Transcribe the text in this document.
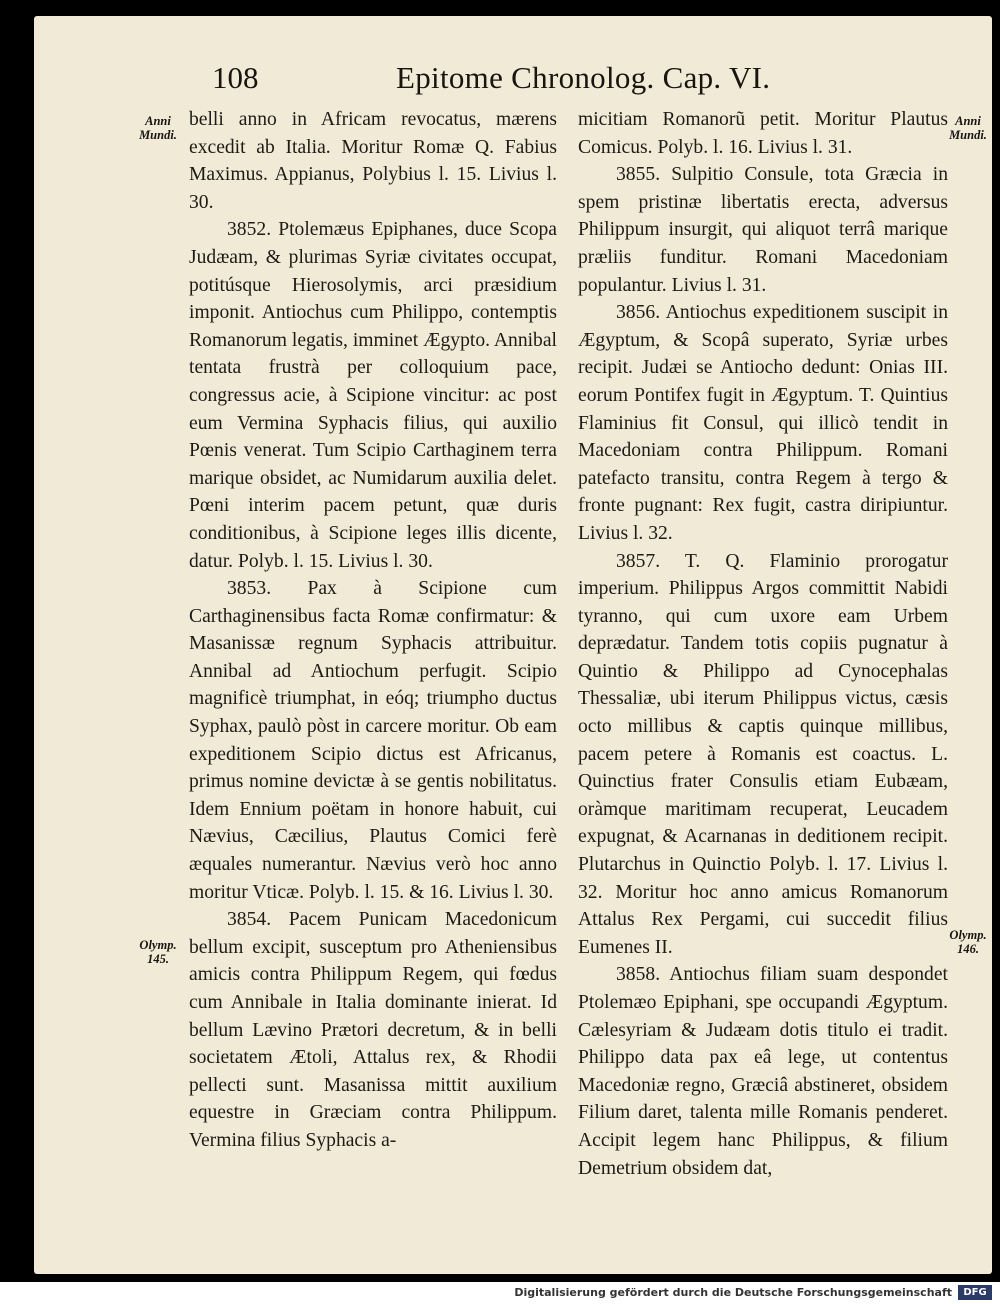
108	Epitome Chronolog. Cap. VI.
Anni Mundi.
Anni Mundi.
Olymp. 145.
Olymp. 146.

belli anno in Africam revocatus, mærens excedit ab Italia. Moritur Romæ Q. Fabius Maximus. Appianus, Polybius l. 15. Livius l. 30.

3852. Ptolemæus Epiphanes, duce Scopa Judæam, & plurimas Syriæ civitates occupat, potitúsque Hierosolymis, arci præsidium imponit. Antiochus cum Philippo, contemptis Romanorum legatis, imminet Ægypto. Annibal tentata frustrà per colloquium pace, congressus acie, à Scipione vincitur: ac post eum Vermina Syphacis filius, qui auxilio Pœnis venerat. Tum Scipio Carthaginem terra marique obsidet, ac Numidarum auxilia delet. Pœni interim pacem petunt, quæ duris conditionibus, à Scipione leges illis dicente, datur. Polyb. l. 15. Livius l. 30.

3853. Pax à Scipione cum Carthaginensibus facta Romæ confirmatur: & Masanissæ regnum Syphacis attribuitur. Annibal ad Antiochum perfugit. Scipio magnificè triumphat, in eóq; triumpho ductus Syphax, paulò pòst in carcere moritur. Ob eam expeditionem Scipio dictus est Africanus, primus nomine devictæ à se gentis nobilitatus. Idem Ennium poëtam in honore habuit, cui Nævius, Cæcilius, Plautus Comici ferè æquales numerantur. Nævius verò hoc anno moritur Vticæ. Polyb. l. 15. & 16. Livius l. 30.

3854. Pacem Punicam Macedonicum bellum excipit, susceptum pro Atheniensibus amicis contra Philippum Regem, qui fœdus cum Annibale in Italia dominante inierat. Id bellum Lævino Prætori decretum, & in belli societatem Ætoli, Attalus rex, & Rhodii pellecti sunt. Masanissa mittit auxilium equestre in Græciam contra Philippum. Vermina filius Syphacis a-

micitiam Romanorũ petit. Moritur Plautus Comicus. Polyb. l. 16. Livius l. 31.

3855. Sulpitio Consule, tota Græcia in spem pristinæ libertatis erecta, adversus Philippum insurgit, qui aliquot terrâ marique præliis funditur. Romani Macedoniam populantur. Livius l. 31.

3856. Antiochus expeditionem suscipit in Ægyptum, & Scopâ superato, Syriæ urbes recipit. Judæi se Antiocho dedunt: Onias III. eorum Pontifex fugit in Ægyptum. T. Quintius Flaminius fit Consul, qui illicò tendit in Macedoniam contra Philippum. Romani patefacto transitu, contra Regem à tergo & fronte pugnant: Rex fugit, castra diripiuntur. Livius l. 32.

3857. T. Q. Flaminio prorogatur imperium. Philippus Argos committit Nabidi tyranno, qui cum uxore eam Urbem deprædatur. Tandem totis copiis pugnatur à Quintio & Philippo ad Cynocephalas Thessaliæ, ubi iterum Philippus victus, cæsis octo millibus & captis quinque millibus, pacem petere à Romanis est coactus. L. Quinctius frater Consulis etiam Eubæam, oràmque maritimam recuperat, Leucadem expugnat, & Acarnanas in deditionem recipit. Plutarchus in Quinctio Polyb. l. 17. Livius l. 32. Moritur hoc anno amicus Romanorum Attalus Rex Pergami, cui succedit filius Eumenes II.

3858. Antiochus filiam suam despondet Ptolemæo Epiphani, spe occupandi Ægyptum. Cælesyriam & Judæam dotis titulo ei tradit. Philippo data pax eâ lege, ut contentus Macedoniæ regno, Græciâ abstineret, obsidem Filium daret, talenta mille Romanis penderet. Accipit legem hanc Philippus, & filium Demetrium obsidem dat,

Digitalisierung gefördert durch die Deutsche Forschungsgemeinschaft	DFG
